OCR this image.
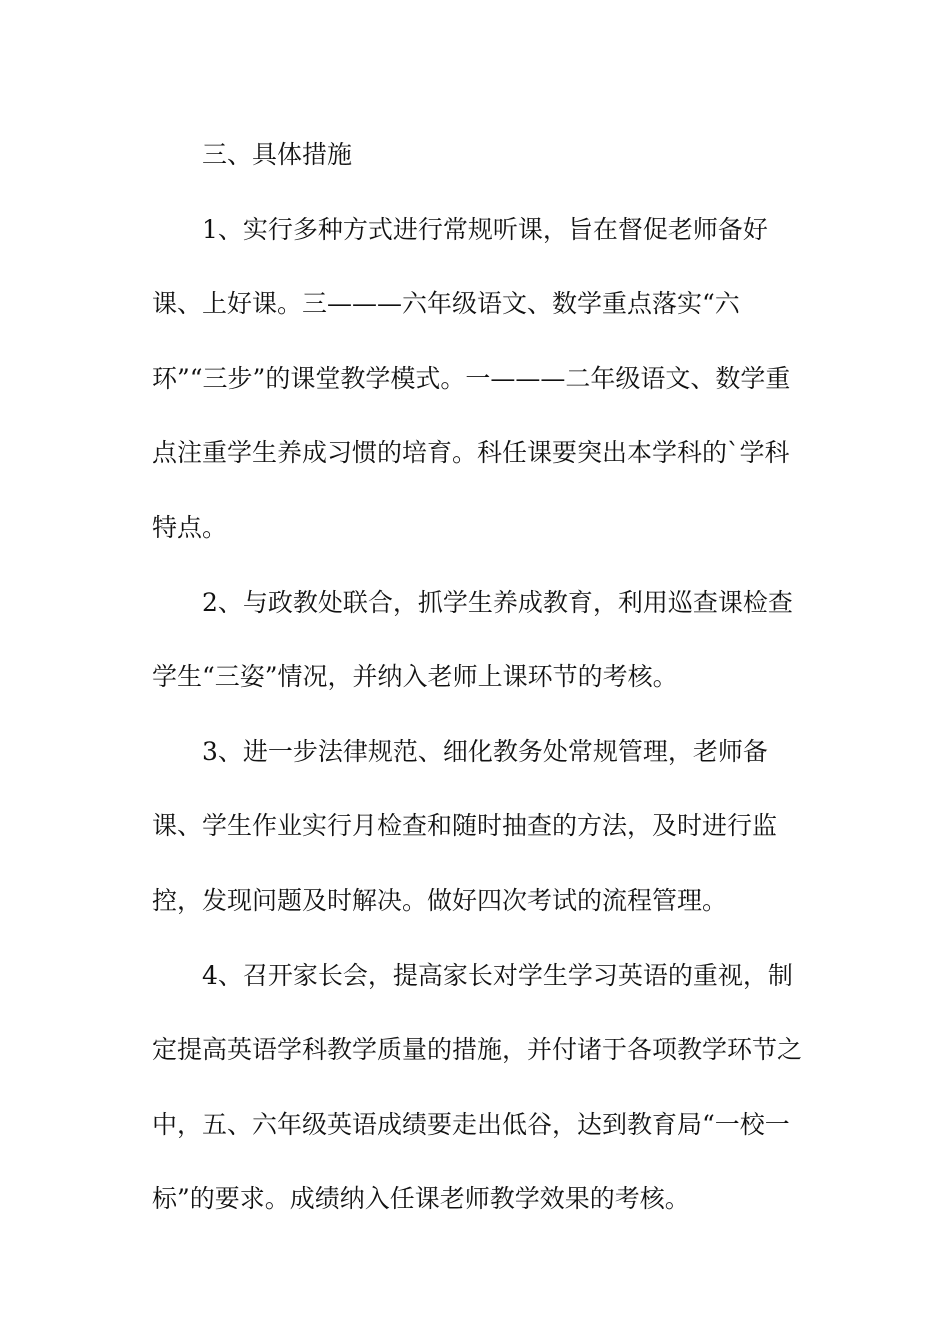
三、具体措施

1、实行多种方式进行常规听课，旨在督促老师备好课、上好课。三———六年级语文、数学重点落实“六环”“三步”的课堂教学模式。一———二年级语文、数学重点注重学生养成习惯的培育。科任课要突出本学科的`学科特点。

2、与政教处联合，抓学生养成教育，利用巡查课检查学生“三姿”情况，并纳入老师上课环节的考核。

3、进一步法律规范、细化教务处常规管理，老师备课、学生作业实行月检查和随时抽查的方法，及时进行监控，发现问题及时解决。做好四次考试的流程管理。

4、召开家长会，提高家长对学生学习英语的重视，制定提高英语学科教学质量的措施，并付诸于各项教学环节之中，五、六年级英语成绩要走出低谷，达到教育局“一校一标”的要求。成绩纳入任课老师教学效果的考核。
